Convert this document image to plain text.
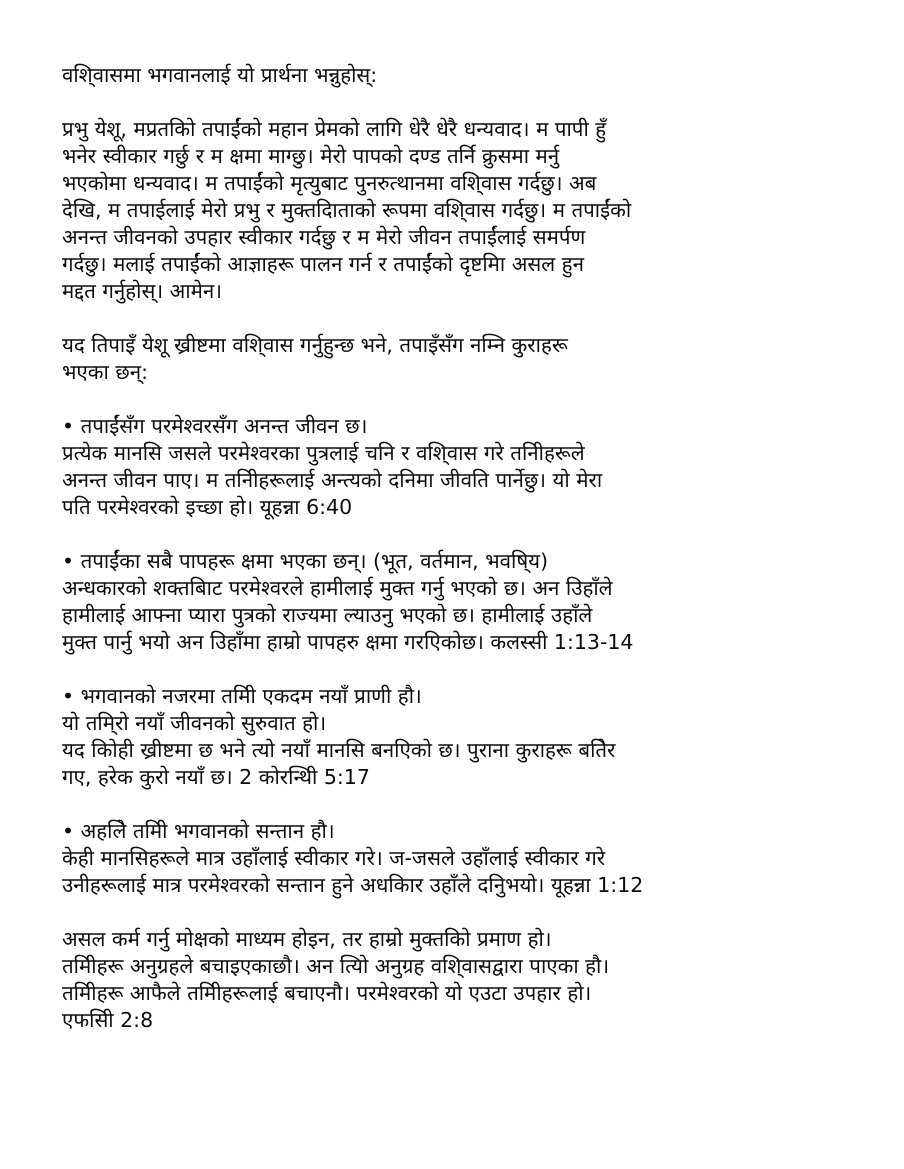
वशि्वासमा भगवानलाई यो प्रार्थना भन्नुहोस्:
प्रभु येशू, मप्रतकिो तपाईंको महान प्रेमको लागि धेरै धेरै धन्यवाद। म पापी हुँ
भनेर स्वीकार गर्छु र म क्षमा माग्छु। मेरो पापको दण्ड तर्नि क्रुसमा मर्नु
भएकोमा धन्यवाद। म तपाईंको मृत्युबाट पुनरुत्थानमा वशि्वास गर्दछु। अब
देखि, म तपाईलाई मेरो प्रभु र मुक्तदिाताको रूपमा वशि्वास गर्दछु। म तपाईंको
अनन्त जीवनको उपहार स्वीकार गर्दछु र म मेरो जीवन तपाईंलाई समर्पण
गर्दछु। मलाई तपाईंको आज्ञाहरू पालन गर्न र तपाईंको दृष्टमिा असल हुन
मद्दत गर्नुहोस्। आमेन।
यद तिपाइँ येशू ख्रीष्टमा वशि्वास गर्नुहुन्छ भने, तपाइँसँग नम्नि कुराहरू
भएका छन्:
• तपाईंसँग परमेश्वरसँग अनन्त जीवन छ।
प्रत्येक मानसि जसले परमेश्वरका पुत्रलाई चनि र वशि्वास गरे तनिीहरूले
अनन्त जीवन पाए। म तनिीहरूलाई अन्त्यको दनिमा जीवति पार्नेछु। यो मेरा
पति परमेश्वरको इच्छा हो। यूहन्ना 6:40
• तपाईंका सबै पापहरू क्षमा भएका छन्। (भूत, वर्तमान, भवषि्य)
अन्धकारको शक्तबिाट परमेश्वरले हामीलाई मुक्त गर्नु भएको छ। अन उिहाँले
हामीलाई आफ्ना प्यारा पुत्रको राज्यमा ल्याउनु भएको छ। हामीलाई उहाँले
मुक्त पार्नु भयो अन उिहाँमा हाम्रो पापहरु क्षमा गरएिकोछ। कलस्सी 1:13-14
• भगवानको नजरमा तमिी एकदम नयाँ प्राणी हौ।
यो तमि्रो नयाँ जीवनको सुरुवात हो।
यद कोिही ख्रीष्टमा छ भने त्यो नयाँ मानसि बनएिको छ। पुराना कुराहरू बतिेर
गए, हरेक कुरो नयाँ छ। 2 कोरन्थिी 5:17
• अहलिे तमिी भगवानको सन्तान हौ।
केही मानसिहरूले मात्र उहाँलाई स्वीकार गरे। ज-जसले उहाँलाई स्वीकार गरे
उनीहरूलाई मात्र परमेश्वरको सन्तान हुने अधकिार उहाँले दनिुभयो। यूहन्ना 1:12
असल कर्म गर्नु मोक्षको माध्यम होइन, तर हाम्रो मुक्तकिो प्रमाण हो।
तमिीहरू अनुग्रहले बचाइएकाछौ। अन त्यिो अनुग्रह वशि्वासद्वारा पाएका हौ।
तमिीहरू आफैले तमिीहरूलाई बचाएनौ। परमेश्वरको यो एउटा उपहार हो।
एफसिी 2:8
